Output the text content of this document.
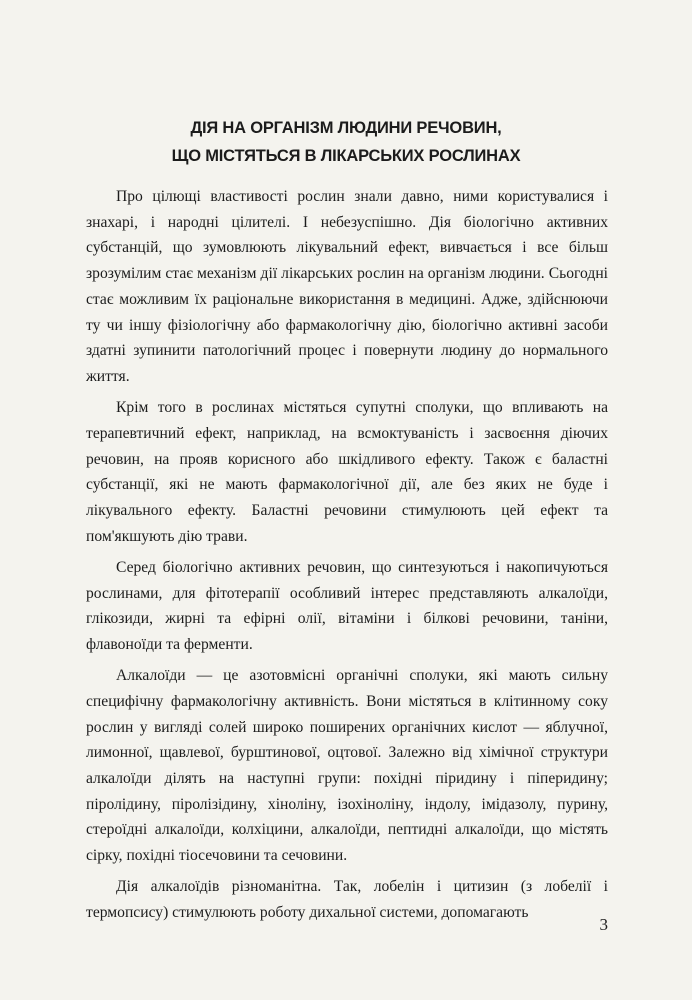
ДІЯ НА ОРГАНІЗМ ЛЮДИНИ РЕЧОВИН,
ЩО МІСТЯТЬСЯ В ЛІКАРСЬКИХ РОСЛИНАХ

Про цілющі властивості рослин знали давно, ними користувалися і знахарі, і народні цілителі. І небезуспішно. Дія біологічно активних субстанцій, що зумовлюють лікувальний ефект, вивчається і все більш зрозумілим стає механізм дії лікарських рослин на організм людини. Сьогодні стає можливим їх раціональне використання в медицині. Адже, здійснюючи ту чи іншу фізіологічну або фармакологічну дію, біологічно активні засоби здатні зупинити патологічний процес і повернути людину до нормального життя.

Крім того в рослинах містяться супутні сполуки, що впливають на терапевтичний ефект, наприклад, на всмоктуваність і засвоєння діючих речовин, на прояв корисного або шкідливого ефекту. Також є баластні субстанції, які не мають фармакологічної дії, але без яких не буде і лікувального ефекту. Баластні речовини стимулюють цей ефект та пом'якшують дію трави.

Серед біологічно активних речовин, що синтезуються і накопичуються рослинами, для фітотерапії особливий інтерес представляють алкалоїди, глікозиди, жирні та ефірні олії, вітаміни і білкові речовини, таніни, флавоноїди та ферменти.

Алкалоїди — це азотовмісні органічні сполуки, які мають сильну специфічну фармакологічну активність. Вони містяться в клітинному соку рослин у вигляді солей широко поширених органічних кислот — яблучної, лимонної, щавлевої, бурштинової, оцтової. Залежно від хімічної структури алкалоїди ділять на наступні групи: похідні піридину і піперидину; піролідину, піролізідину, хіноліну, ізохіноліну, індолу, імідазолу, пурину, стероїдні алкалоїди, колхіцини, алкалоїди, пептидні алкалоїди, що містять сірку, похідні тіосечовини та сечовини.

Дія алкалоїдів різноманітна. Так, лобелін і цитизин (з лобелії і термопсису) стимулюють роботу дихальної системи, допомагають

3
